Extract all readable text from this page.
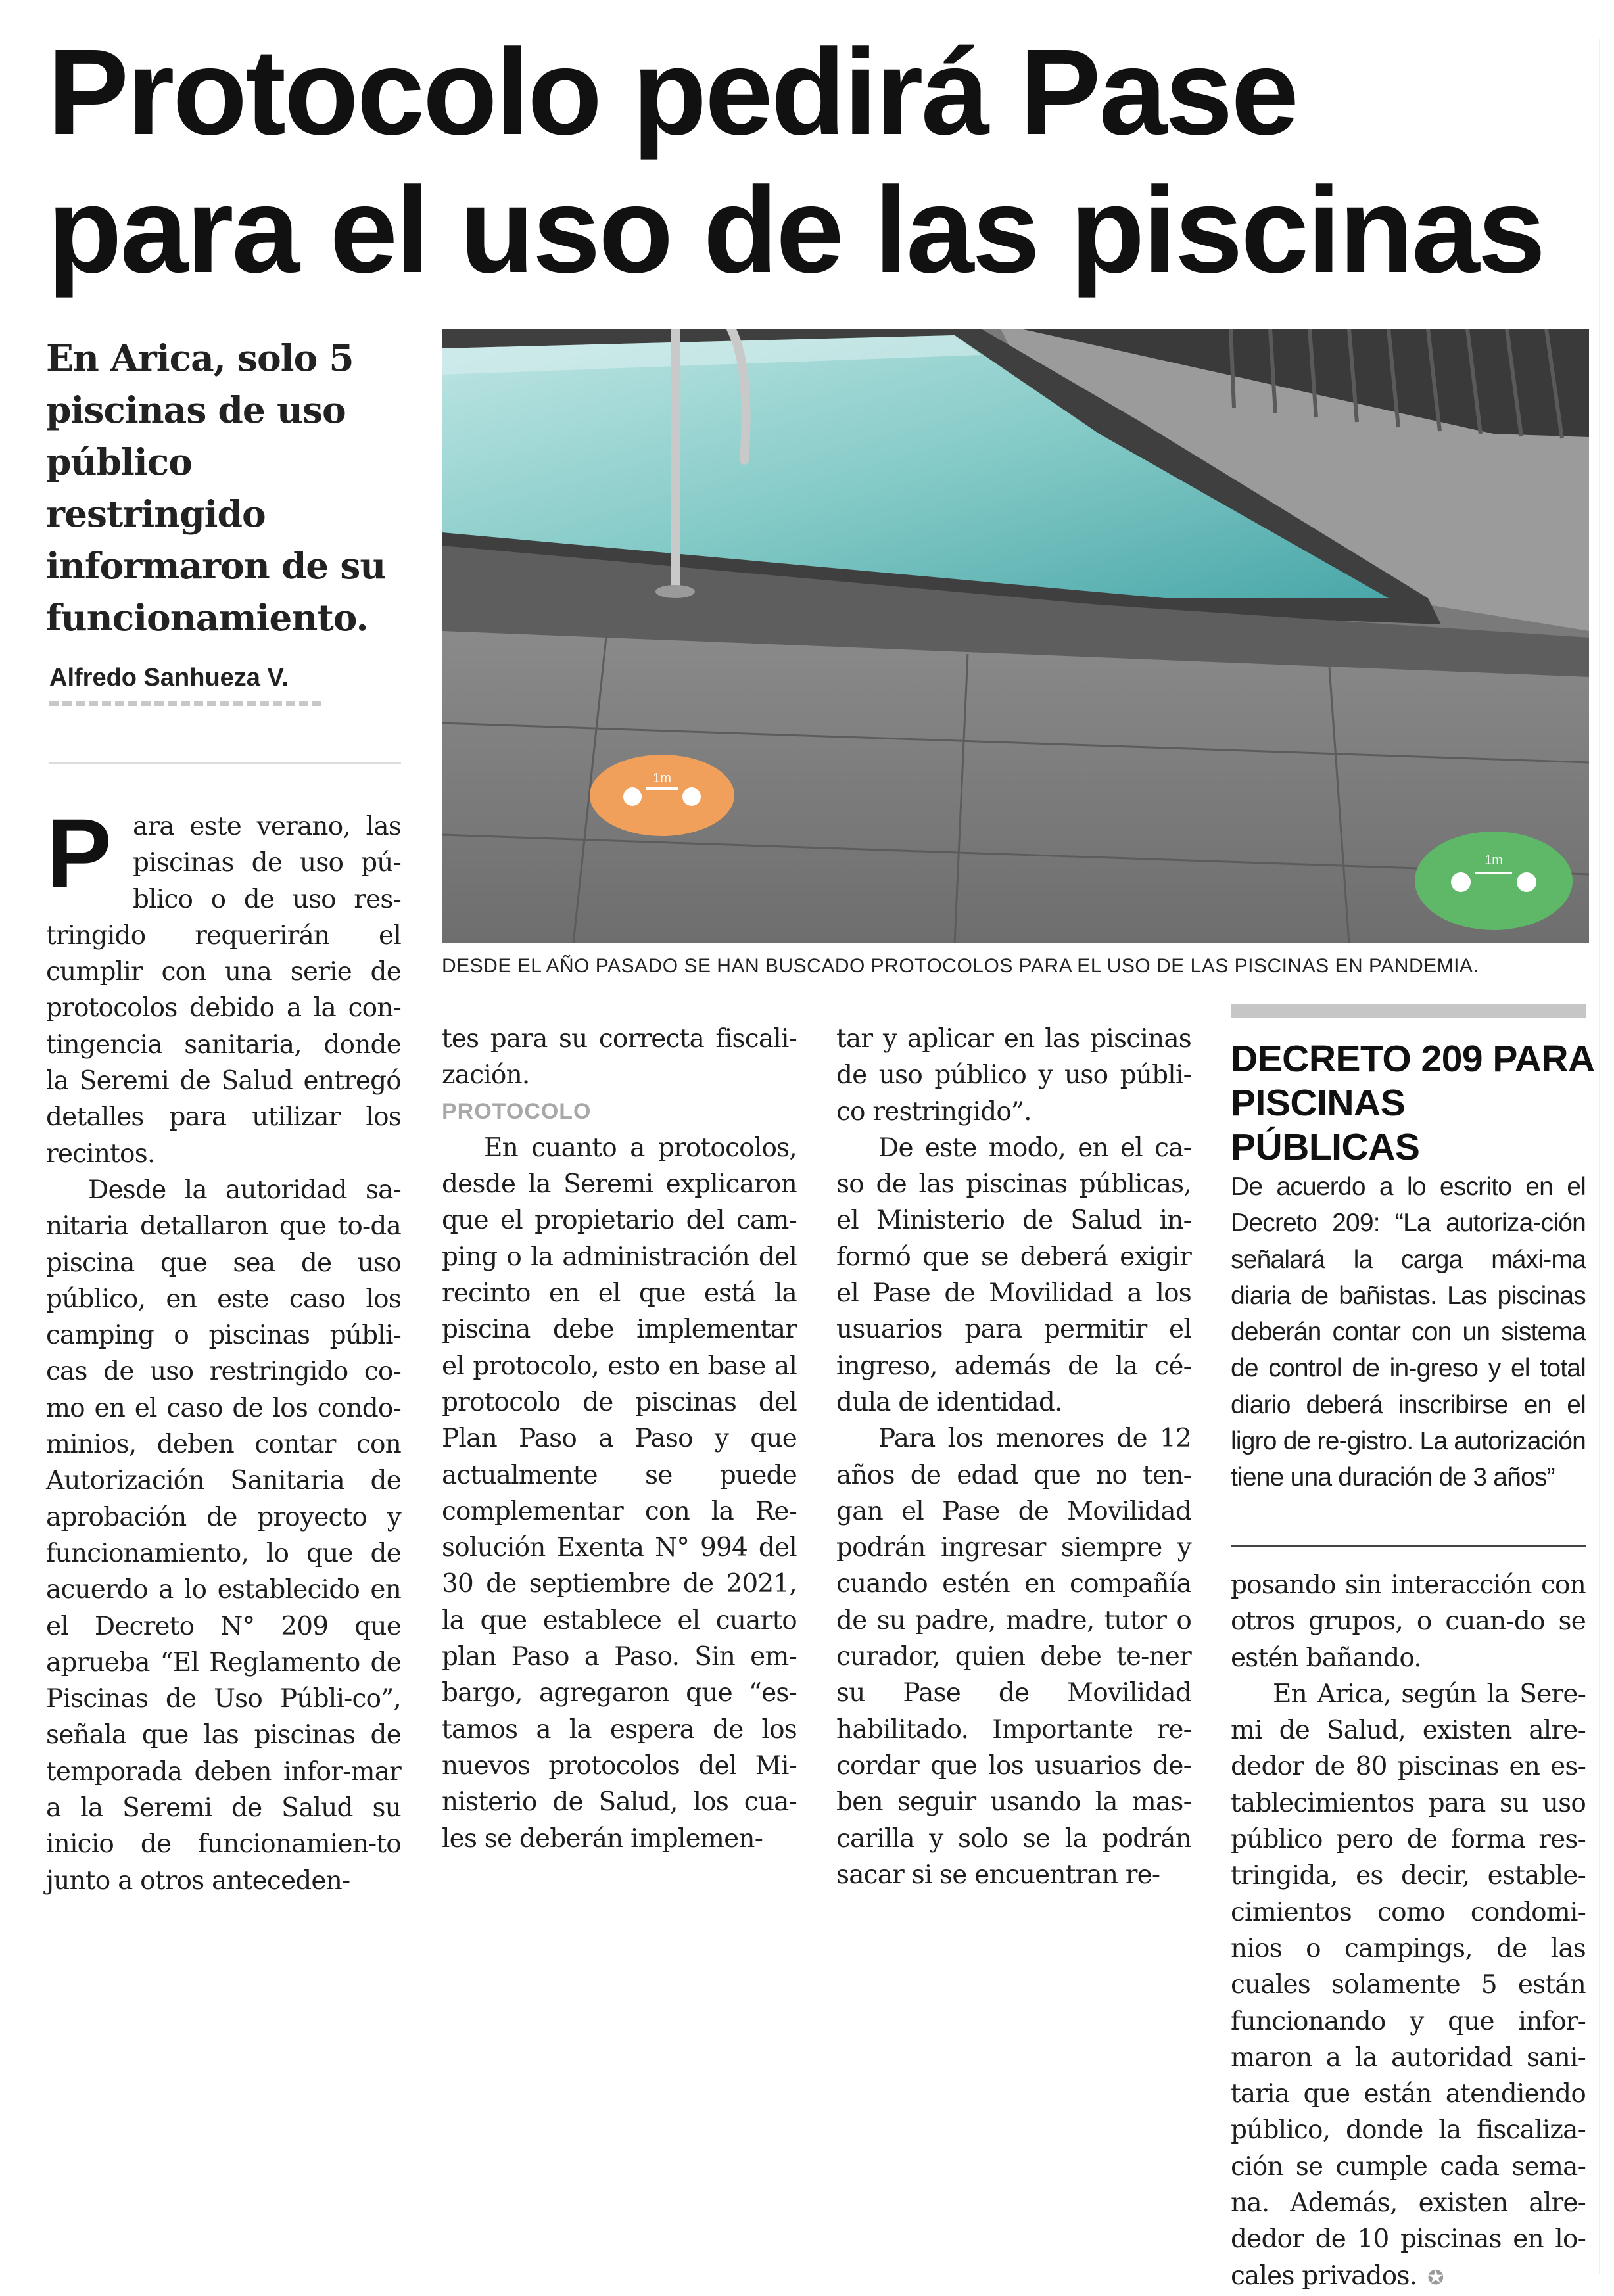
Protocolo pedirá Pase
para el uso de las piscinas
En Arica, solo 5 piscinas de uso público restringido informaron de su funcionamiento.
Alfredo Sanhueza V.
1m
1m
DESDE EL AÑO PASADO SE HAN BUSCADO PROTOCOLOS PARA EL USO DE LAS PISCINAS EN PANDEMIA.

Para este verano, las piscinas de uso pú-blico o de uso res-tringido requerirán el cumplir con una serie de protocolos debido a la con-tingencia sanitaria, donde la Seremi de Salud entregó detalles para utilizar los recintos.

Desde la autoridad sa-nitaria detallaron que to-da piscina que sea de uso público, en este caso los camping o piscinas públi-cas de uso restringido co-mo en el caso de los condo-minios, deben contar con Autorización Sanitaria de aprobación de proyecto y funcionamiento, lo que de acuerdo a lo establecido en el Decreto N° 209 que aprueba “El Reglamento de Piscinas de Uso Públi-co”, señala que las piscinas de temporada deben infor-mar a la Seremi de Salud su inicio de funcionamien-to junto a otros anteceden-

tes para su correcta fiscali-zación.

PROTOCOLO

En cuanto a protocolos, desde la Seremi explicaron que el propietario del cam-ping o la administración del recinto en el que está la piscina debe implementar el protocolo, esto en base al protocolo de piscinas del Plan Paso a Paso y que actualmente se puede complementar con la Re-solución Exenta N° 994 del 30 de septiembre de 2021, la que establece el cuarto plan Paso a Paso. Sin em-bargo, agregaron que “es-tamos a la espera de los nuevos protocolos del Mi-nisterio de Salud, los cua-les se deberán implemen-

tar y aplicar en las piscinas de uso público y uso públi-co restringido”.

De este modo, en el ca-so de las piscinas públicas, el Ministerio de Salud in-formó que se deberá exigir el Pase de Movilidad a los usuarios para permitir el ingreso, además de la cé-dula de identidad.

Para los menores de 12 años de edad que no ten-gan el Pase de Movilidad podrán ingresar siempre y cuando estén en compañía de su padre, madre, tutor o curador, quien debe te-ner su Pase de Movilidad habilitado. Importante re-cordar que los usuarios de-ben seguir usando la mas-carilla y solo se la podrán sacar si se encuentran re-

DECRETO 209 PARA PISCINAS PÚBLICAS

De acuerdo a lo escrito en el Decreto 209: “La autoriza-ción señalará la carga máxi-ma diaria de bañistas. Las piscinas deberán contar con un sistema de control de in-greso y el total diario deberá inscribirse en el ligro de re-gistro. La autorización tiene una duración de 3 años”

posando sin interacción con otros grupos, o cuan-do se estén bañando.

En Arica, según la Sere-mi de Salud, existen alre-dedor de 80 piscinas en es-tablecimientos para su uso público pero de forma res-tringida, es decir, estable-cimientos como condomi-nios o campings, de las cuales solamente 5 están funcionando y que infor-maron a la autoridad sani-taria que están atendiendo público, donde la fiscaliza-ción se cumple cada sema-na. Además, existen alre-dedor de 10 piscinas en lo-cales privados. ✪
